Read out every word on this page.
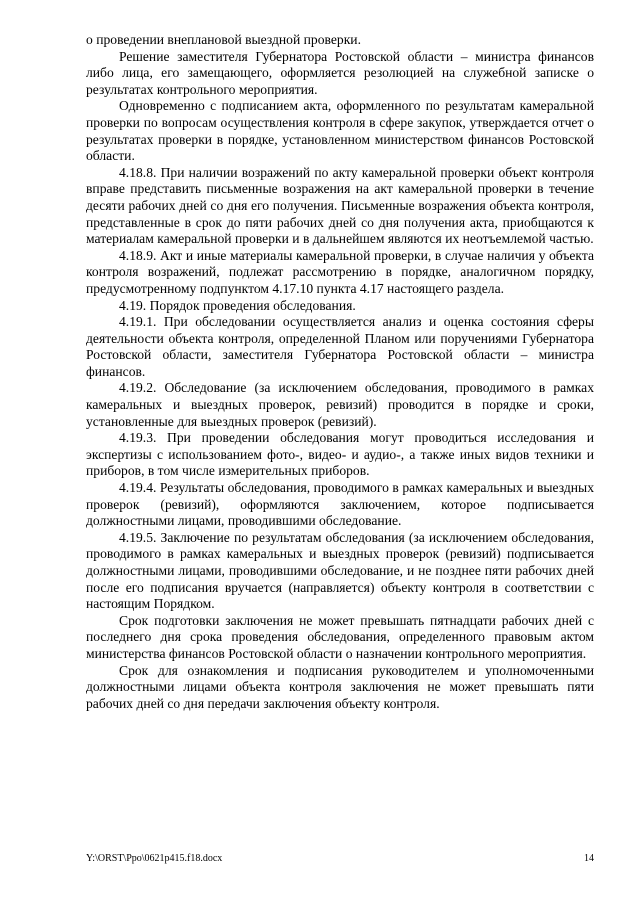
о проведении внеплановой выездной проверки.

Решение заместителя Губернатора Ростовской области – министра финансов либо лица, его замещающего, оформляется резолюцией на служебной записке о результатах контрольного мероприятия.

Одновременно с подписанием акта, оформленного по результатам камеральной проверки по вопросам осуществления контроля в сфере закупок, утверждается отчет о результатах проверки в порядке, установленном министерством финансов Ростовской области.

4.18.8. При наличии возражений по акту камеральной проверки объект контроля вправе представить письменные возражения на акт камеральной проверки в течение десяти рабочих дней со дня его получения. Письменные возражения объекта контроля, представленные в срок до пяти рабочих дней со дня получения акта, приобщаются к материалам камеральной проверки и в дальнейшем являются их неотъемлемой частью.

4.18.9. Акт и иные материалы камеральной проверки, в случае наличия у объекта контроля возражений, подлежат рассмотрению в порядке, аналогичном порядку, предусмотренному подпунктом 4.17.10 пункта 4.17 настоящего раздела.

4.19. Порядок проведения обследования.

4.19.1. При обследовании осуществляется анализ и оценка состояния сферы деятельности объекта контроля, определенной Планом или поручениями Губернатора Ростовской области, заместителя Губернатора Ростовской области – министра финансов.

4.19.2. Обследование (за исключением обследования, проводимого в рамках камеральных и выездных проверок, ревизий) проводится в порядке и сроки, установленные для выездных проверок (ревизий).

4.19.3. При проведении обследования могут проводиться исследования и экспертизы с использованием фото-, видео- и аудио-, а также иных видов техники и приборов, в том числе измерительных приборов.

4.19.4. Результаты обследования, проводимого в рамках камеральных и выездных проверок (ревизий), оформляются заключением, которое подписывается должностными лицами, проводившими обследование.

4.19.5. Заключение по результатам обследования (за исключением обследования, проводимого в рамках камеральных и выездных проверок (ревизий) подписывается должностными лицами, проводившими обследование, и не позднее пяти рабочих дней после его подписания вручается (направляется) объекту контроля в соответствии с настоящим Порядком.

Срок подготовки заключения не может превышать пятнадцати рабочих дней с последнего дня срока проведения обследования, определенного правовым актом министерства финансов Ростовской области о назначении контрольного мероприятия.

Срок для ознакомления и подписания руководителем и уполномоченными должностными лицами объекта контроля заключения не может превышать пяти рабочих дней со дня передачи заключения объекту контроля.

Y:\ORST\Ppo\0621p415.f18.docx	14
